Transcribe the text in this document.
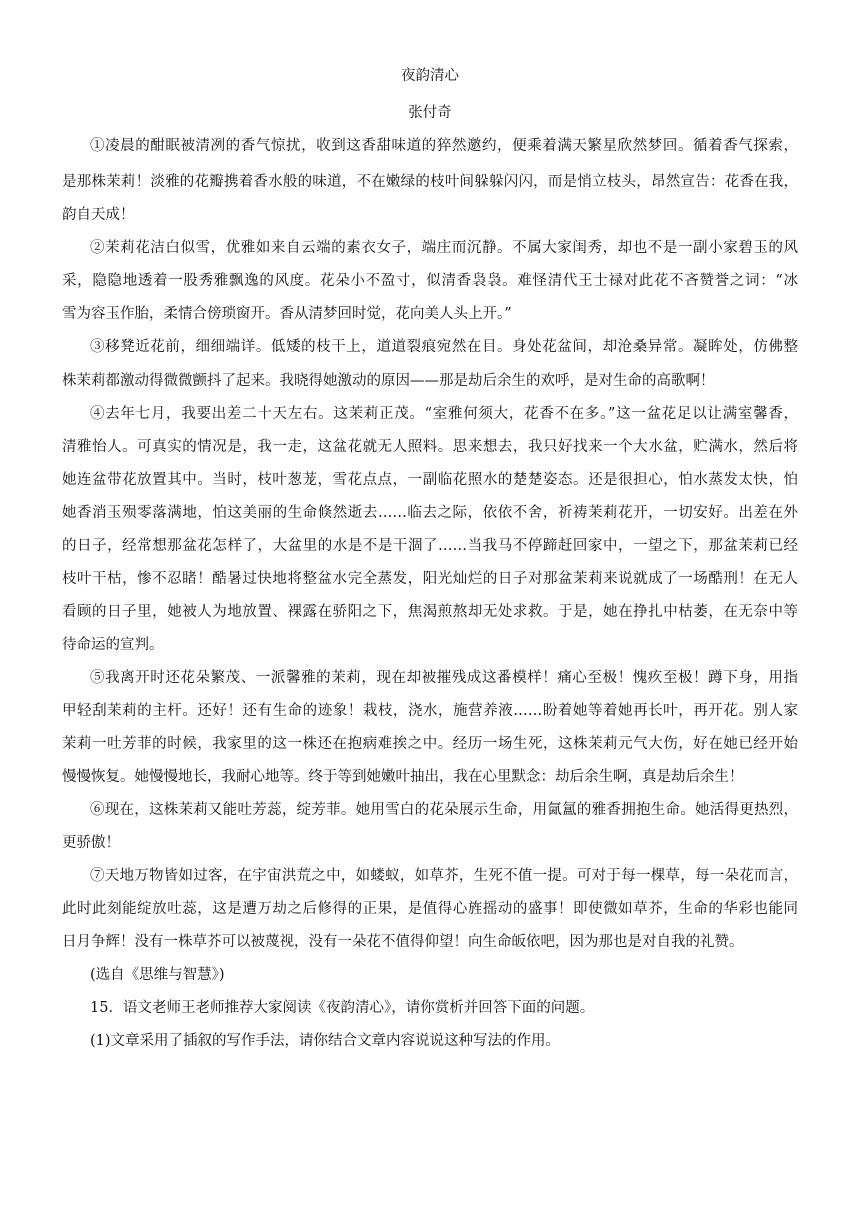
夜韵清心
张付奇
①凌晨的酣眠被清冽的香气惊扰，收到这香甜味道的猝然邀约，便乘着满天繁星欣然梦回。循着香气探索，
是那株茉莉！淡雅的花瓣携着香水般的味道，不在嫩绿的枝叶间躲躲闪闪，而是悄立枝头，昂然宣告：花香在我，
韵自天成！
②茉莉花洁白似雪，优雅如来自云端的素衣女子，端庄而沉静。不属大家闺秀，却也不是一副小家碧玉的风
采，隐隐地透着一股秀雅飘逸的风度。花朵小不盈寸，似清香袅袅。难怪清代王士禄对此花不吝赞誉之词：“冰
雪为容玉作胎，柔情合傍琐窗开。香从清梦回时觉，花向美人头上开。”
③移凳近花前，细细端详。低矮的枝干上，道道裂痕宛然在目。身处花盆间，却沧桑异常。凝眸处，仿佛整
株茉莉都激动得微微颤抖了起来。我晓得她激动的原因——那是劫后余生的欢呼，是对生命的高歌啊！
④去年七月，我要出差二十天左右。这茉莉正茂。“室雅何须大，花香不在多。”这一盆花足以让满室馨香，
清雅怡人。可真实的情况是，我一走，这盆花就无人照料。思来想去，我只好找来一个大水盆，贮满水，然后将
她连盆带花放置其中。当时，枝叶葱茏，雪花点点，一副临花照水的楚楚姿态。还是很担心，怕水蒸发太快，怕
她香消玉殒零落满地，怕这美丽的生命倏然逝去……临去之际，依依不舍，祈祷茉莉花开，一切安好。出差在外
的日子，经常想那盆花怎样了，大盆里的水是不是干涸了……当我马不停蹄赶回家中，一望之下，那盆茉莉已经
枝叶干枯，惨不忍睹！酷暑过快地将整盆水完全蒸发，阳光灿烂的日子对那盆茉莉来说就成了一场酷刑！在无人
看顾的日子里，她被人为地放置、裸露在骄阳之下，焦渴煎熬却无处求救。于是，她在挣扎中枯萎，在无奈中等
待命运的宣判。
⑤我离开时还花朵繁茂、一派馨雅的茉莉，现在却被摧残成这番模样！痛心至极！愧疚至极！蹲下身，用指
甲轻刮茉莉的主杆。还好！还有生命的迹象！栽枝，浇水，施营养液……盼着她等着她再长叶，再开花。别人家
茉莉一吐芳菲的时候，我家里的这一株还在抱病难挨之中。经历一场生死，这株茉莉元气大伤，好在她已经开始
慢慢恢复。她慢慢地长，我耐心地等。终于等到她嫩叶抽出，我在心里默念：劫后余生啊，真是劫后余生！
⑥现在，这株茉莉又能吐芳蕊，绽芳菲。她用雪白的花朵展示生命，用氤氲的雅香拥抱生命。她活得更热烈，
更骄傲！
⑦天地万物皆如过客，在宇宙洪荒之中，如蝼蚁，如草芥，生死不值一提。可对于每一棵草，每一朵花而言，
此时此刻能绽放吐蕊，这是遭万劫之后修得的正果，是值得心旌摇动的盛事！即使微如草芥，生命的华彩也能同
日月争辉！没有一株草芥可以被蔑视，没有一朵花不值得仰望！向生命皈依吧，因为那也是对自我的礼赞。
(选自《思维与智慧》)
15．语文老师王老师推荐大家阅读《夜韵清心》，请你赏析并回答下面的问题。
(1)文章采用了插叙的写作手法，请你结合文章内容说说这种写法的作用。
